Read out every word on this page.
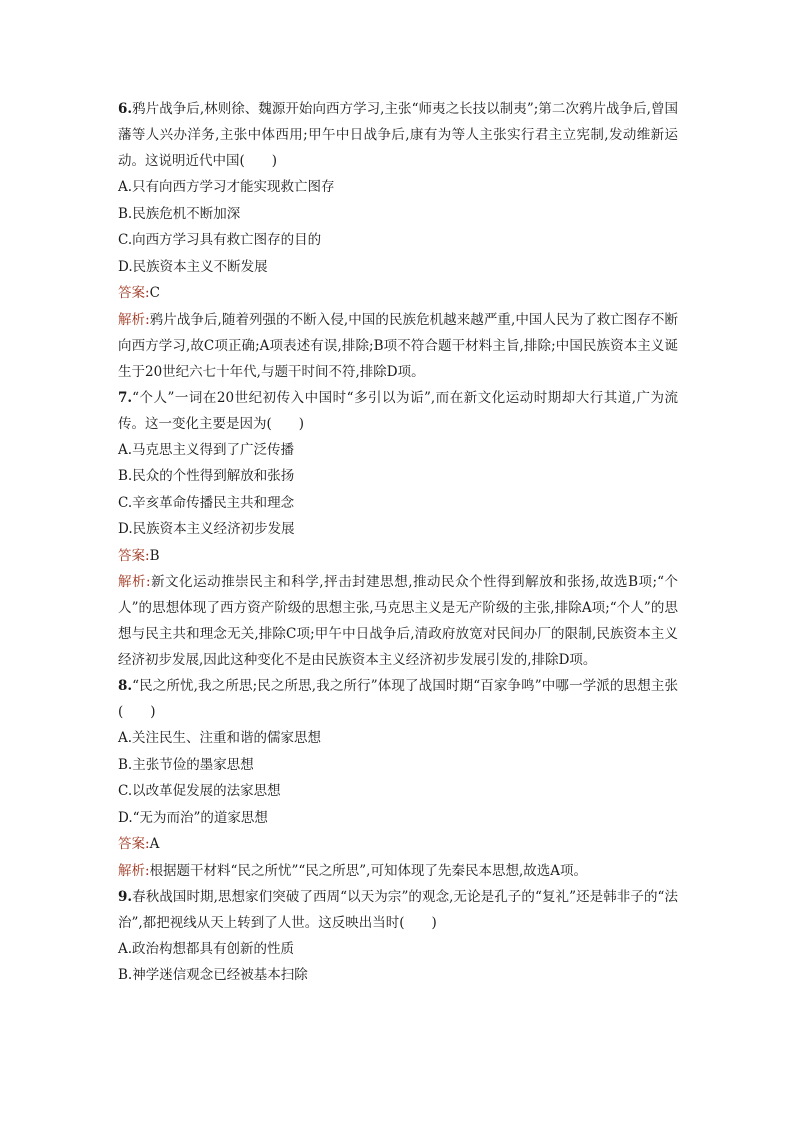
6.鸦片战争后,林则徐、魏源开始向西方学习,主张“师夷之长技以制夷”;第二次鸦片战争后,曾国藩等人兴办洋务,主张中体西用;甲午中日战争后,康有为等人主张实行君主立宪制,发动维新运动。这说明近代中国(　　)

A.只有向西方学习才能实现救亡图存

B.民族危机不断加深

C.向西方学习具有救亡图存的目的

D.民族资本主义不断发展

答案:C

解析:鸦片战争后,随着列强的不断入侵,中国的民族危机越来越严重,中国人民为了救亡图存不断向西方学习,故C项正确;A项表述有误,排除;B项不符合题干材料主旨,排除;中国民族资本主义诞生于20世纪六七十年代,与题干时间不符,排除D项。

7.“个人”一词在20世纪初传入中国时“多引以为诟”,而在新文化运动时期却大行其道,广为流传。这一变化主要是因为(　　)

A.马克思主义得到了广泛传播

B.民众的个性得到解放和张扬

C.辛亥革命传播民主共和理念

D.民族资本主义经济初步发展

答案:B

解析:新文化运动推崇民主和科学,抨击封建思想,推动民众个性得到解放和张扬,故选B项;“个人”的思想体现了西方资产阶级的思想主张,马克思主义是无产阶级的主张,排除A项;“个人”的思想与民主共和理念无关,排除C项;甲午中日战争后,清政府放宽对民间办厂的限制,民族资本主义经济初步发展,因此这种变化不是由民族资本主义经济初步发展引发的,排除D项。

8.“民之所忧,我之所思;民之所思,我之所行”体现了战国时期“百家争鸣”中哪一学派的思想主张(　　)

A.关注民生、注重和谐的儒家思想

B.主张节俭的墨家思想

C.以改革促发展的法家思想

D.“无为而治”的道家思想

答案:A

解析:根据题干材料“民之所忧”“民之所思”,可知体现了先秦民本思想,故选A项。

9.春秋战国时期,思想家们突破了西周“以天为宗”的观念,无论是孔子的“复礼”还是韩非子的“法治”,都把视线从天上转到了人世。这反映出当时(　　)

A.政治构想都具有创新的性质

B.神学迷信观念已经被基本扫除
